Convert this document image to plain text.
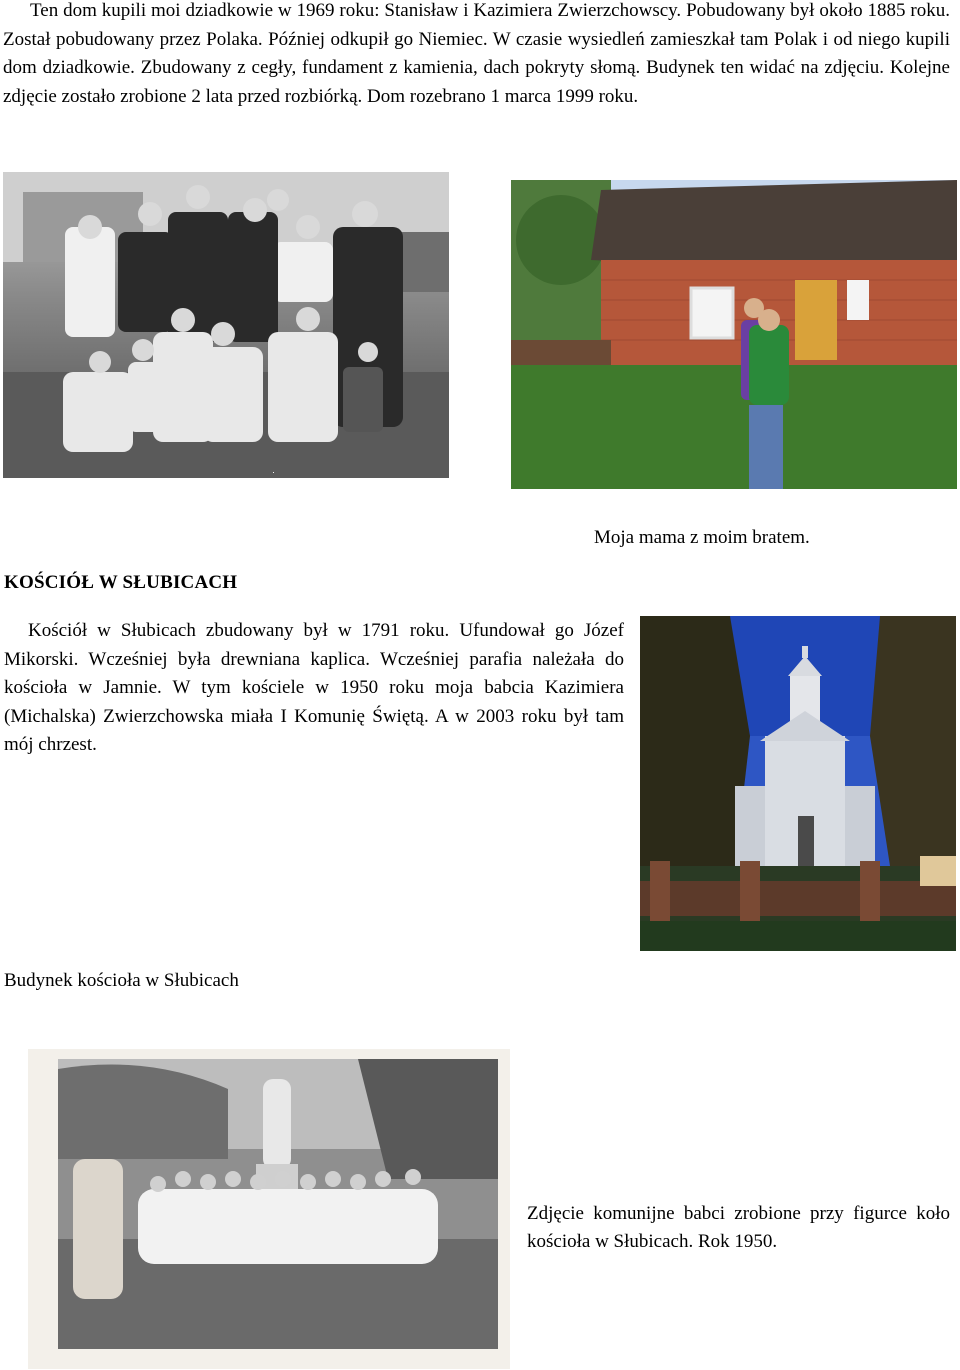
Ten dom kupili moi dziadkowie w 1969 roku: Stanisław i Kazimiera Zwierzchowscy. Pobudowany był około 1885 roku. Został pobudowany przez Polaka. Później odkupił go Niemiec. W czasie wysiedleń zamieszkał tam Polak i od niego kupili dom dziadkowie. Zbudowany z cegły, fundament z kamienia, dach pokryty słomą. Budynek ten widać na zdjęciu. Kolejne zdjęcie zostało zrobione 2 lata przed rozbiórką. Dom rozebrano 1 marca 1999 roku.

Moja mama z moim bratem.

KOŚCIÓŁ W SŁUBICACH

Kościół w Słubicach zbudowany był w 1791 roku. Ufundował go Józef Mikorski. Wcześniej była drewniana kaplica. Wcześniej parafia należała do kościoła w Jamnie. W tym kościele w 1950 roku moja babcia Kazimiera (Michalska) Zwierzchowska miała I Komunię Świętą. A w 2003 roku był tam mój chrzest.

Budynek kościoła w Słubicach

Zdjęcie komunijne babci zrobione przy figurce koło kościoła w Słubicach. Rok 1950.
